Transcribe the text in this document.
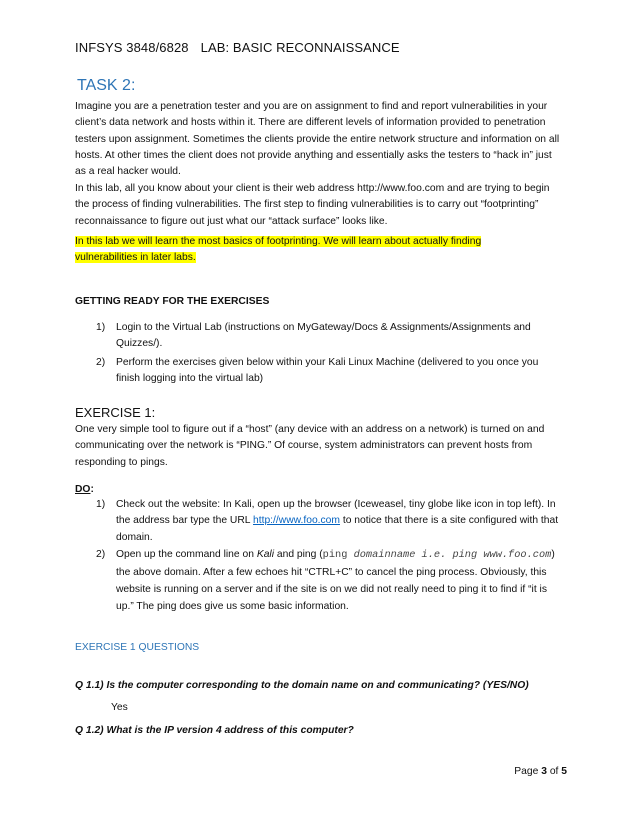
INFSYS 3848/6828 LAB: BASIC RECONNAISSANCE
TASK 2:
Imagine you are a penetration tester and you are on assignment to find and report vulnerabilities in your client’s data network and hosts within it. There are different levels of information provided to penetration testers upon assignment. Sometimes the clients provide the entire network structure and information on all hosts. At other times the client does not provide anything and essentially asks the testers to “hack in” just as a real hacker would.
In this lab, all you know about your client is their web address http://www.foo.com and are trying to begin the process of finding vulnerabilities. The first step to finding vulnerabilities is to carry out “footprinting” reconnaissance to figure out just what our “attack surface” looks like.
In this lab we will learn the most basics of footprinting. We will learn about actually finding
vulnerabilities in later labs.
GETTING READY FOR THE EXERCISES
1) Login to the Virtual Lab (instructions on MyGateway/Docs & Assignments/Assignments and Quizzes/).
2) Perform the exercises given below within your Kali Linux Machine (delivered to you once you finish logging into the virtual lab)
EXERCISE 1:
One very simple tool to figure out if a “host” (any device with an address on a network) is turned on and communicating over the network is “PING.” Of course, system administrators can prevent hosts from responding to pings.
DO:
1) Check out the website: In Kali, open up the browser (Iceweasel, tiny globe like icon in top left). In the address bar type the URL http://www.foo.com to notice that there is a site configured with that domain.
2) Open up the command line on Kali and ping (ping domainname i.e. ping www.foo.com) the above domain. After a few echoes hit “CTRL+C” to cancel the ping process. Obviously, this website is running on a server and if the site is on we did not really need to ping it to find if “it is up.” The ping does give us some basic information.
EXERCISE 1 QUESTIONS
Q 1.1) Is the computer corresponding to the domain name on and communicating? (YES/NO)
Yes
Q 1.2) What is the IP version 4 address of this computer?
Page 3 of 5
